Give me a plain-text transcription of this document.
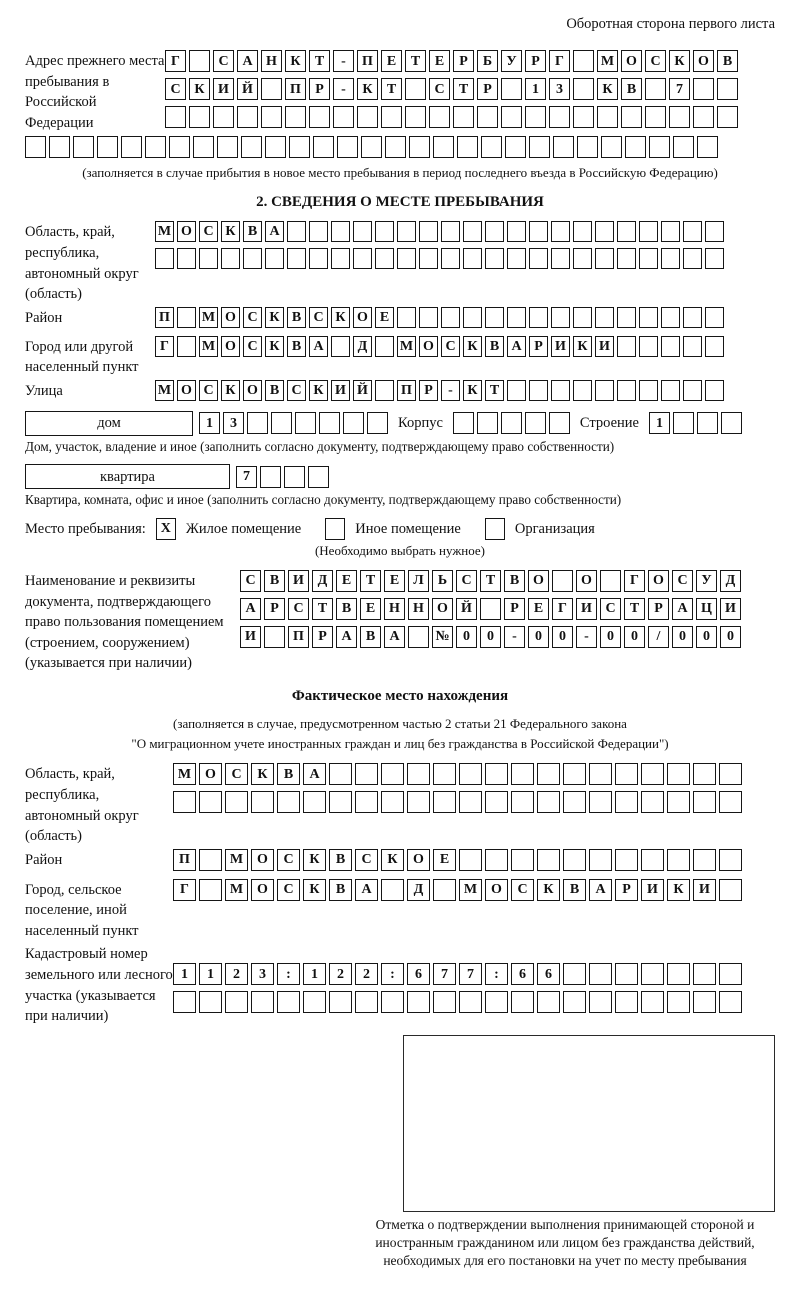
Оборотная сторона первого листа
Адрес прежнего места пребывания в Российской Федерации
Г	С А Н К	Т	-	П Е	Т	Е	Р	Б	У	Р	Г	М О С К О В
С К И Й	П	Р	-	К	Т	С	Т	Р	1	3	К	В	7
(заполняется в случае прибытия в новое место пребывания в период последнего въезда в Российскую Федерацию)
2. СВЕДЕНИЯ О МЕСТЕ ПРЕБЫВАНИЯ
Область, край, республика, автономный округ (область)
М О С К В А
Район	П М О С К В С К О Е
Город или другой населенный пункт
Г	М О С К В А	Д	М О С К В А Р И К И
Улица	М О С К О В С К И Й П Р	-	К Т
дом	1	3	Корпус	Строение	1
Дом, участок, владение и иное (заполнить согласно документу, подтверждающему право собственности)
квартира	7
Квартира, комната, офис и иное (заполнить согласно документу, подтверждающему право собственности)
Место пребывания:	X	Жилое помещение	Иное помещение	Организация
(Необходимо выбрать нужное)
Наименование и реквизиты документа, подтверждающего право пользования помещением (строением, сооружением) (указывается при наличии)
С	В И Д	Е	Т	Е	Л	Ь	С	Т	В О	О	Г	О С У	Д
А	Р	С	Т	В	Е Н Н О Й	Р	Е	Г	И С	Т	Р	А Ц И
И	П	Р	А	В	А	№ 0	0	-	0	0	-	0	0	/	0	0	0
Фактическое место нахождения
(заполняется в случае, предусмотренном частью 2 статьи 21 Федерального закона
"О миграционном учете иностранных граждан и лиц без гражданства в Российской Федерации")
Область, край, республика, автономный округ (область)
М О	С	К	В	А
Район	П	М О	С	К	В	С	К	О	Е
Город, сельское поселение, иной населенный пункт
Г	М О	С	К	В	А	Д	М О	С	К	В	А	Р	И	К	И
Кадастровый номер земельного или лесного участка (указывается при наличии)
1	1	2	3	:	1	2	2	:	6	7	7	:	6	6
Отметка о подтверждении выполнения принимающей стороной и иностранным гражданином или лицом без гражданства действий, необходимых для его постановки на учет по месту пребывания
